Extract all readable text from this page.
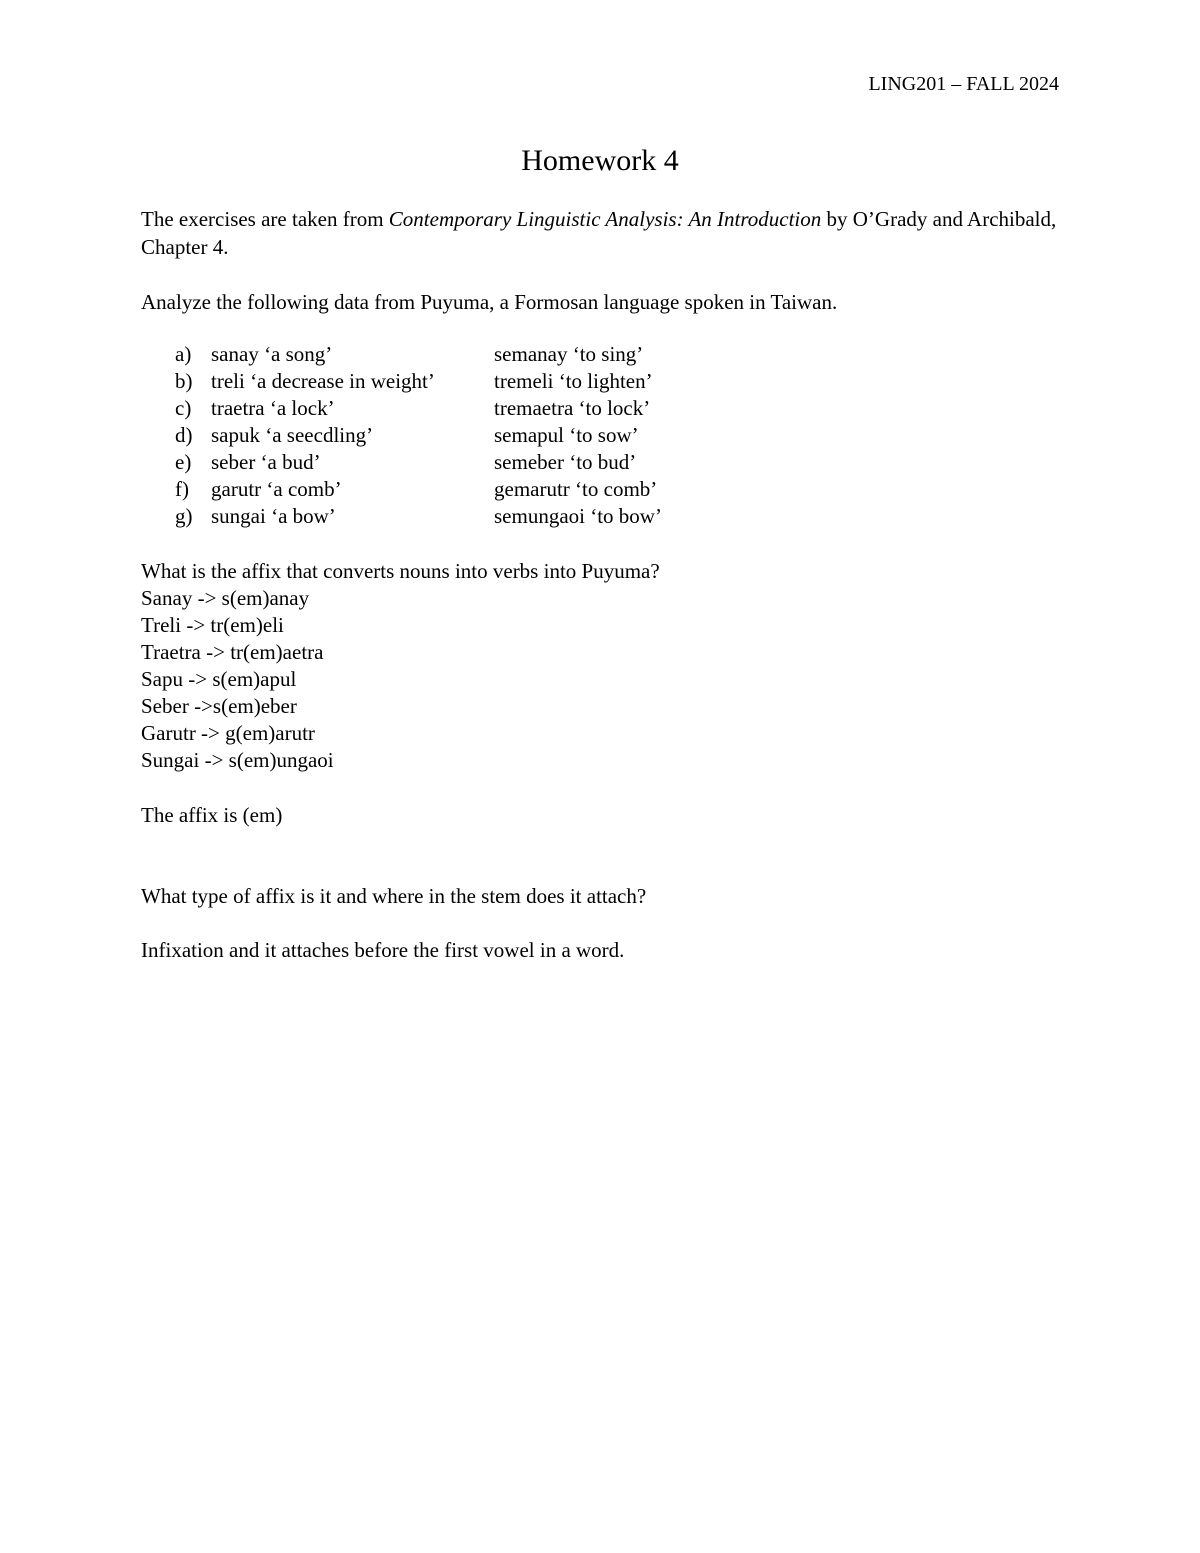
LING201 – FALL 2024
Homework 4
The exercises are taken from Contemporary Linguistic Analysis: An Introduction by O’Grady and Archibald, Chapter 4.
Analyze the following data from Puyuma, a Formosan language spoken in Taiwan.
a) sanay ‘a song’	semanay ‘to sing’
b) treli ‘a decrease in weight’	tremeli ‘to lighten’
c) traetra ‘a lock’	tremaetra ‘to lock’
d) sapuk ‘a seecdling’	semapul ‘to sow’
e) seber ‘a bud’	semeber ‘to bud’
f) garutr ‘a comb’	gemarutr ‘to comb’
g) sungai ‘a bow’	semungaoi ‘to bow’
What is the affix that converts nouns into verbs into Puyuma?
Sanay -> s(em)anay
Treli -> tr(em)eli
Traetra -> tr(em)aetra
Sapu -> s(em)apul
Seber ->s(em)eber
Garutr -> g(em)arutr
Sungai -> s(em)ungaoi
The affix is (em)
What type of affix is it and where in the stem does it attach?
Infixation and it attaches before the first vowel in a word.
